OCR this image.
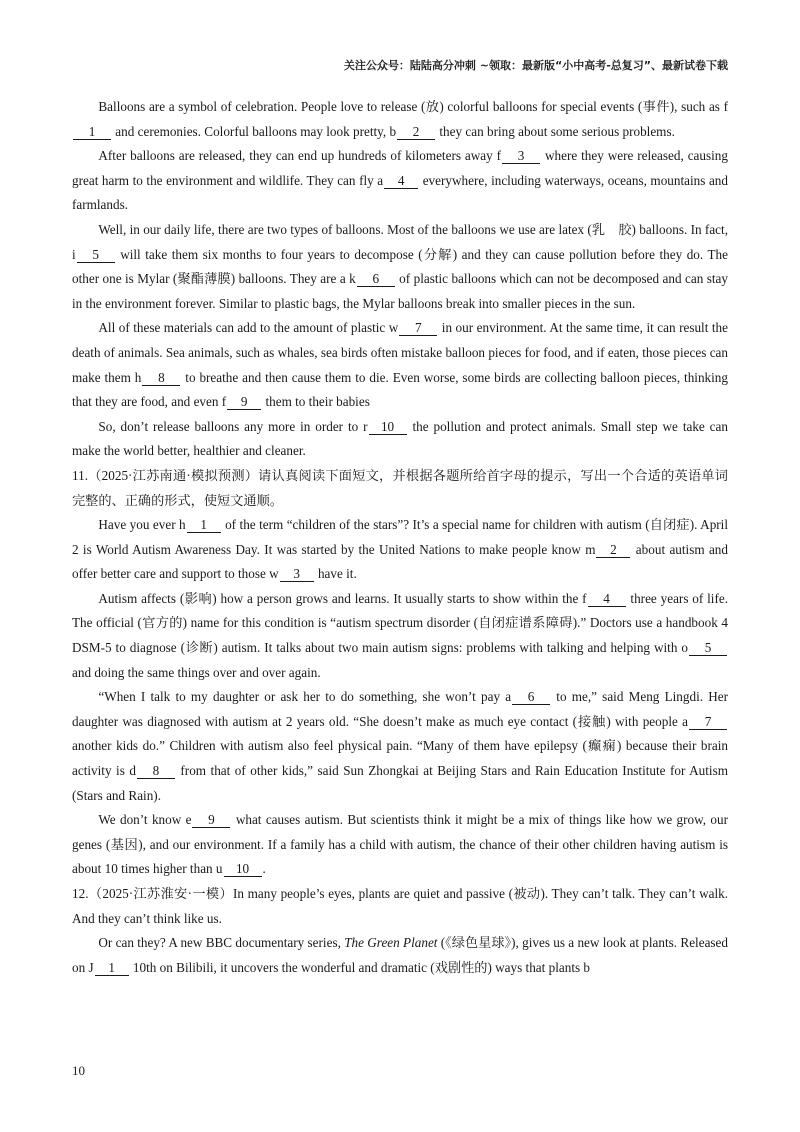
关注公众号：陆陆高分冲刺 ~领取：最新版“小中高考-总复习”、最新试卷下载

Balloons are a symbol of celebration. People love to release (放) colorful balloons for special events (事件), such as f1 and ceremonies. Colorful balloons may look pretty, b 2 they can bring about some serious problems.

After balloons are released, they can end up hundreds of kilometers away f 3 where they were released, causing great harm to the environment and wildlife. They can fly a 4 everywhere, including waterways, oceans, mountains and farmlands.

Well, in our daily life, there are two types of balloons. Most of the balloons we use are latex (乳　胶) balloons. In fact, i 5 will take them six months to four years to decompose (分解) and they can cause pollution before they do. The other one is Mylar (聚酯薄膜) balloons. They are a k 6 of plastic balloons which can not be decomposed and can stay in the environment forever. Similar to plastic bags, the Mylar balloons break into smaller pieces in the sun.

All of these materials can add to the amount of plastic w 7 in our environment. At the same time, it can result the death of animals. Sea animals, such as whales, sea birds often mistake balloon pieces for food, and if eaten, those pieces can make them h 8 to breathe and then cause them to die. Even worse, some birds are collecting balloon pieces, thinking that they are food, and even f 9 them to their babies

So, don’t release balloons any more in order to r 10 the pollution and protect animals. Small step we take can make the world better, healthier and cleaner.

11.（2025·江苏南通·模拟预测）请认真阅读下面短文，并根据各题所给首字母的提示，写出一个合适的英语单词完整的、正确的形式，使短文通顺。

Have you ever h 1 of the term “children of the stars”? It’s a special name for children with autism (自闭症). April 2 is World Autism Awareness Day. It was started by the United Nations to make people know m 2 about autism and offer better care and support to those w 3 have it.

Autism affects (影响) how a person grows and learns. It usually starts to show within the f 4 three years of life. The official (官方的) name for this condition is “autism spectrum disorder (自闭症谱系障碍).” Doctors use a handbook 4 DSM-5 to diagnose (诊断) autism. It talks about two main autism signs: problems with talking and helping with o 5 and doing the same things over and over again.

“When I talk to my daughter or ask her to do something, she won’t pay a 6 to me,” said Meng Lingdi. Her daughter was diagnosed with autism at 2 years old. “She doesn’t make as much eye contact (接触) with people a 7 another kids do.” Children with autism also feel physical pain. “Many of them have epilepsy (癫痫) because their brain activity is d 8 from that of other kids,” said Sun Zhongkai at Beijing Stars and Rain Education Institute for Autism (Stars and Rain).

We don’t know e 9 what causes autism. But scientists think it might be a mix of things like how we grow, our genes (基因), and our environment. If a family has a child with autism, the chance of their other children having autism is about 10 times higher than u 10 .

12.（2025·江苏淮安·一模）In many people’s eyes, plants are quiet and passive (被动). They can’t talk. They can’t walk. And they can’t think like us.

Or can they? A new BBC documentary series, The Green Planet (《绿色星球》), gives us a new look at plants. Released on J 1 10th on Bilibili, it uncovers the wonderful and dramatic (戏剧性的) ways that plants b

10
